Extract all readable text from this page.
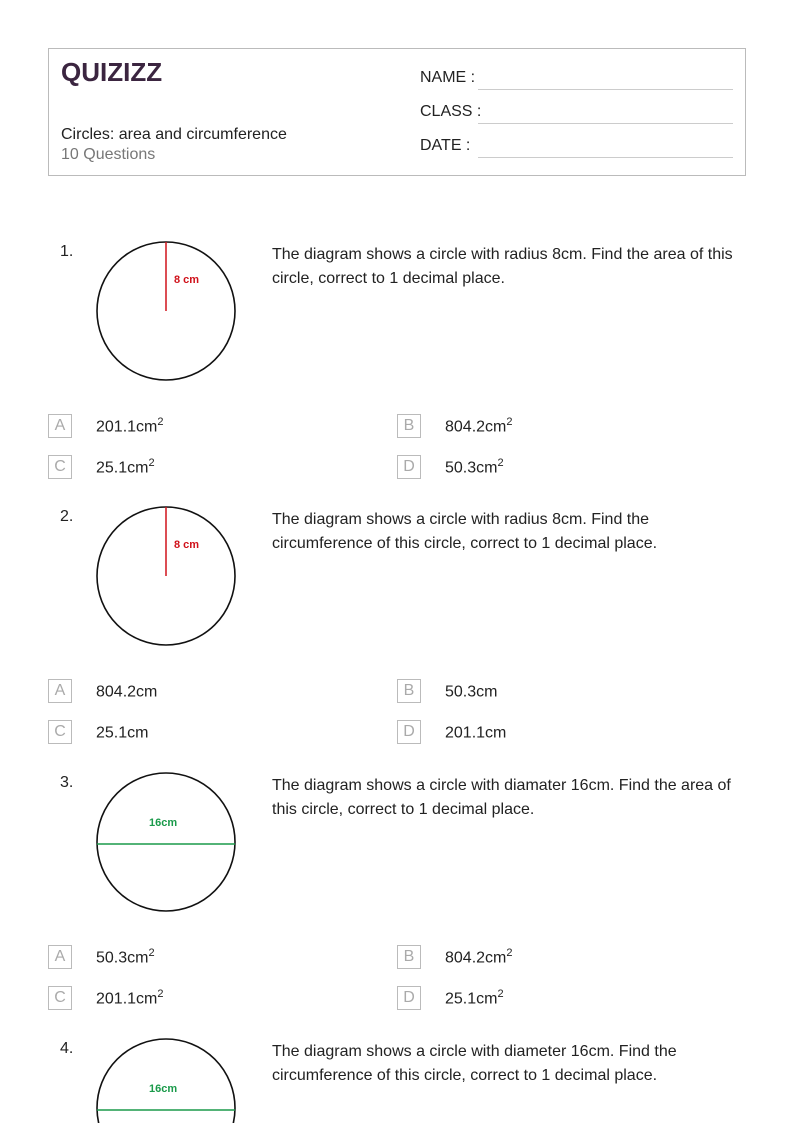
QUIZIZZ
Circles: area and circumference
10 Questions
NAME :
CLASS :
DATE :
1.
8 cm
The diagram shows a circle with radius 8cm. Find the area of this circle, correct to 1 decimal place.
A	$201.1cm^2$	B	$804.2cm^2$
C	$25.1cm^2$	D	$50.3cm^2$
2.
8 cm
The diagram shows a circle with radius 8cm. Find the circumference of this circle, correct to 1 decimal place.
A	804.2cm	B	50.3cm
C	25.1cm	D	201.1cm
3.
16cm
The diagram shows a circle with diamater 16cm. Find the area of this circle, correct to 1 decimal place.
A	$50.3cm^2$	B	$804.2cm^2$
C	$201.1cm^2$	D	$25.1cm^2$
4.
16cm
The diagram shows a circle with diameter 16cm. Find the circumference of this circle, correct to 1 decimal place.
